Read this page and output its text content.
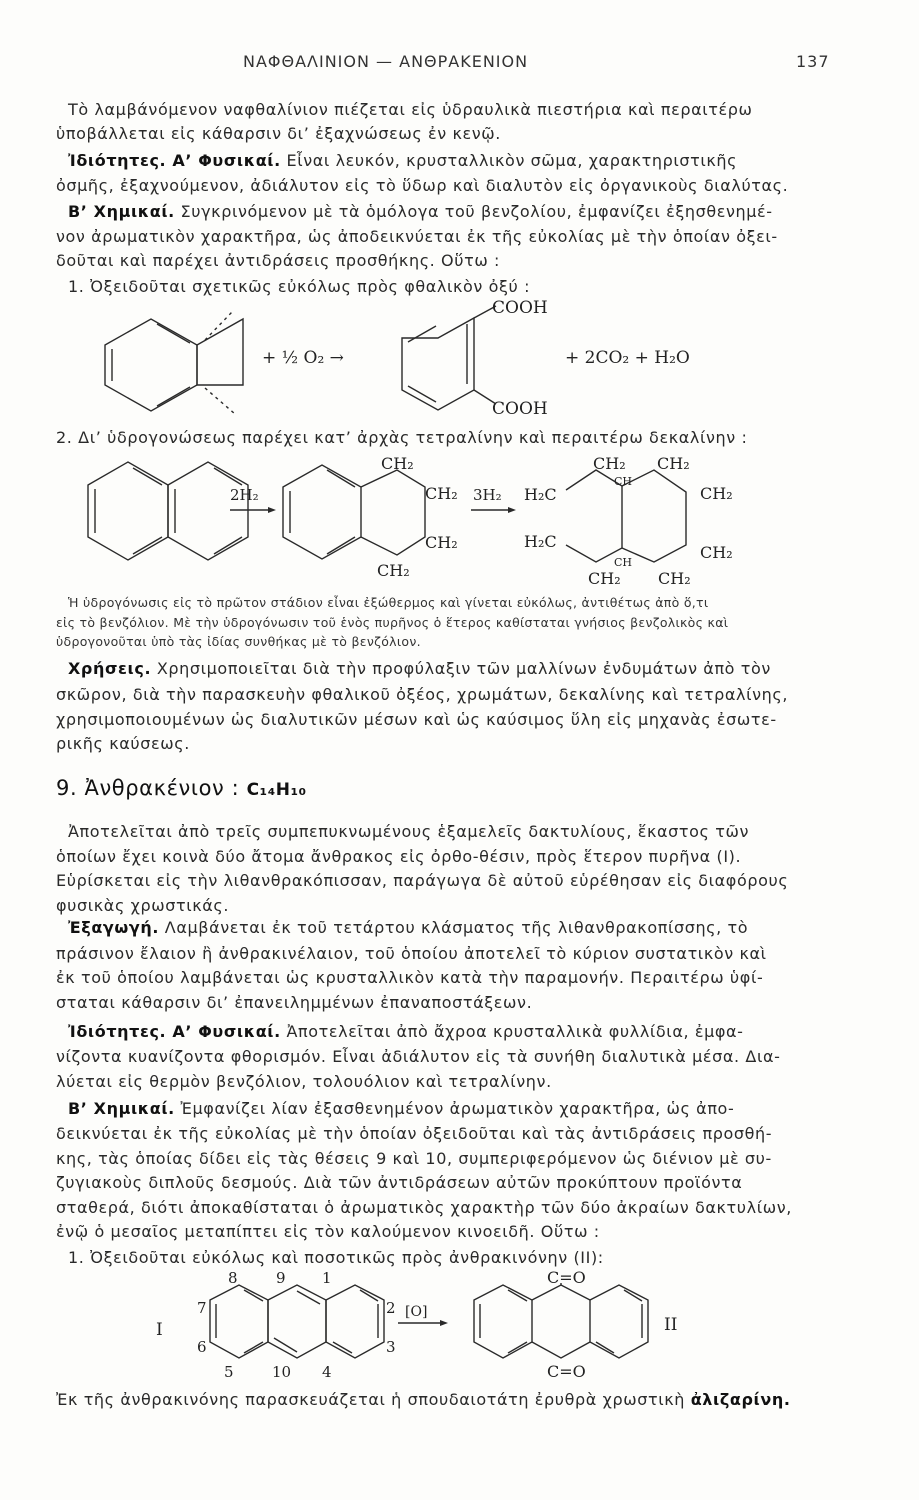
ΝΑΦΘΑΛΙΝΙΟΝ — ΑΝΘΡΑΚΕΝΙΟΝ	137
Τὸ λαμβάνόμενον ναφθαλίνιον πιέζεται εἰς ὑδραυλικὰ πιεστήρια καὶ περαιτέρω
ὑποβάλλεται εἰς κάθαρσιν δι’ ἐξαχνώσεως ἐν κενῷ.
Ἰδιότητες. Α’ Φυσικαί. Εἶναι λευκόν, κρυσταλλικὸν σῶμα, χαρακτηριστικῆς
ὀσμῆς, ἐξαχνούμενον, ἀδιάλυτον εἰς τὸ ὕδωρ καὶ διαλυτὸν εἰς ὀργανικοὺς διαλύτας.
Β’ Χημικαί. Συγκρινόμενον μὲ τὰ ὁμόλογα τοῦ βενζολίου, ἐμφανίζει ἐξησθενημέ-
νον ἀρωματικὸν χαρακτῆρα, ὡς ἀποδεικνύεται ἐκ τῆς εὐκολίας μὲ τὴν ὁποίαν ὀξει-
δοῦται καὶ παρέχει ἀντιδράσεις προσθήκης. Οὕτω :
1. Ὀξειδοῦται σχετικῶς εὐκόλως πρὸς φθαλικὸν ὀξύ :
COOH
COOH
+ ½ O₂ →	+ 2CO₂ + H₂O
2. Δι’ ὑδρογονώσεως παρέχει κατ’ ἀρχὰς τετραλίνην καὶ περαιτέρω δεκαλίνην :
2H₂
CH₂
CH₂
CH₂
CH₂
3H₂
CH₂ CH₂
CH
H₂C	CH₂
H₂C
CH₂
CH
CH₂ CH₂
Ἡ ὑδρογόνωσις εἰς τὸ πρῶτον στάδιον εἶναι ἐξώθερμος καὶ γίνεται εὐκόλως, ἀντιθέτως ἀπὸ ὅ,τι
εἰς τὸ βενζόλιον. Μὲ τὴν ὑδρογόνωσιν τοῦ ἑνὸς πυρῆνος ὁ ἕτερος καθίσταται γνήσιος βενζολικὸς καὶ
ὑδρογονοῦται ὑπὸ τὰς ἰδίας συνθήκας μὲ τὸ βενζόλιον.
Χρήσεις. Χρησιμοποιεῖται διὰ τὴν προφύλαξιν τῶν μαλλίνων ἐνδυμάτων ἀπὸ τὸν
σκῶρον, διὰ τὴν παρασκευὴν φθαλικοῦ ὀξέος, χρωμάτων, δεκαλίνης καὶ τετραλίνης,
χρησιμοποιουμένων ὡς διαλυτικῶν μέσων καὶ ὡς καύσιμος ὕλη εἰς μηχανὰς ἐσωτε-
ρικῆς καύσεως.
9. Ἀνθρακένιον : C₁₄H₁₀
Ἀποτελεῖται ἀπὸ τρεῖς συμπεπυκνωμένους ἑξαμελεῖς δακτυλίους, ἕκαστος τῶν
ὁποίων ἔχει κοινὰ δύο ἄτομα ἄνθρακος εἰς ὀρθο-θέσιν, πρὸς ἕτερον πυρῆνα (Ι).
Εὑρίσκεται εἰς τὴν λιθανθρακόπισσαν, παράγωγα δὲ αὐτοῦ εὑρέθησαν εἰς διαφόρους
φυσικὰς χρωστικάς.
Ἐξαγωγή. Λαμβάνεται ἐκ τοῦ τετάρτου κλάσματος τῆς λιθανθρακοπίσσης, τὸ
πράσινον ἔλαιον ἢ ἀνθρακινέλαιον, τοῦ ὁποίου ἀποτελεῖ τὸ κύριον συστατικὸν καὶ
ἐκ τοῦ ὁποίου λαμβάνεται ὡς κρυσταλλικὸν κατὰ τὴν παραμονήν. Περαιτέρω ὑφί-
σταται κάθαρσιν δι’ ἐπανειλημμένων ἐπαναποστάξεων.
Ἰδιότητες. Α’ Φυσικαί. Ἀποτελεῖται ἀπὸ ἄχροα κρυσταλλικὰ φυλλίδια, ἐμφα-
νίζοντα κυανίζοντα φθορισμόν. Εἶναι ἀδιάλυτον εἰς τὰ συνήθη διαλυτικὰ μέσα. Δια-
λύεται εἰς θερμὸν βενζόλιον, τολουόλιον καὶ τετραλίνην.
Β’ Χημικαί. Ἐμφανίζει λίαν ἐξασθενημένον ἀρωματικὸν χαρακτῆρα, ὡς ἀπο-
δεικνύεται ἐκ τῆς εὐκολίας μὲ τὴν ὁποίαν ὀξειδοῦται καὶ τὰς ἀντιδράσεις προσθή-
κης, τὰς ὁποίας δίδει εἰς τὰς θέσεις 9 καὶ 10, συμπεριφερόμενον ὡς διένιον μὲ συ-
ζυγιακοὺς διπλοῦς δεσμούς. Διὰ τῶν ἀντιδράσεων αὐτῶν προκύπτουν προϊόντα
σταθερά, διότι ἀποκαθίσταται ὁ ἀρωματικὸς χαρακτὴρ τῶν δύο ἀκραίων δακτυλίων,
ἐνῷ ὁ μεσαῖος μεταπίπτει εἰς τὸν καλούμενον κινοειδῆ. Οὕτω :
1. Ὀξειδοῦται εὐκόλως καὶ ποσοτικῶς πρὸς ἀνθρακινόνην (ΙΙ):
8	9 1
7	2
6	3
5	10 4
I
[O]
C=O
C=O
II
Ἐκ τῆς ἀνθρακινόνης παρασκευάζεται ἡ σπουδαιοτάτη ἐρυθρὰ χρωστικὴ ἀλιζαρίνη.
